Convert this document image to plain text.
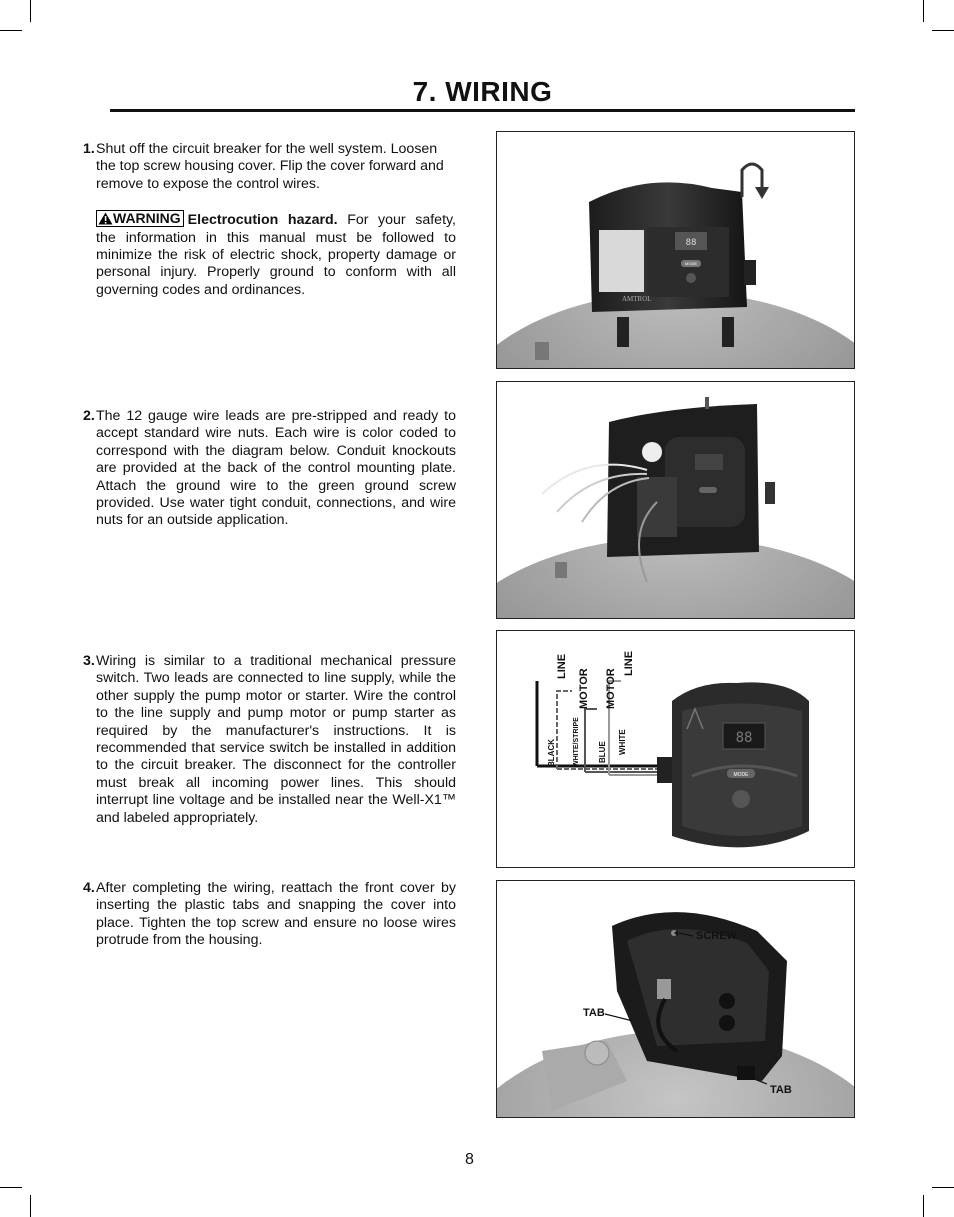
7. WIRING
1. Shut off the circuit breaker for the well system. Loosen the top screw housing cover. Flip the cover forward and remove to expose the control wires.
WARNING Electrocution hazard. For your safety, the information in this manual must be followed to minimize the risk of electric shock, property damage or personal injury. Properly ground to conform with all governing codes and ordinances.
2. The 12 gauge wire leads are pre-stripped and ready to accept standard wire nuts. Each wire is color coded to correspond with the diagram below. Conduit knockouts are provided at the back of the control mounting plate. Attach the ground wire to the green ground screw provided. Use water tight conduit, connections, and wire nuts for an outside application.
3. Wiring is similar to a traditional mechanical pressure switch. Two leads are connected to line supply, while the other supply the pump motor or starter. Wire the control to the line supply and pump motor or pump starter as required by the manufacturer's instructions. It is recommended that service switch be installed in addition to the circuit breaker. The disconnect for the controller must break all incoming power lines. This should interrupt line voltage and be installed near the Well-X1™ and labeled appropriately.
4. After completing the wiring, reattach the front cover by inserting the plastic tabs and snapping the cover into place. Tighten the top screw and ensure no loose wires protrude from the housing.
88
MODE
AMTROL
BLACK WHITE/STRIPE BLUE WHITE
LINE
MOTOR MOTOR
LINE
88
MODE
SCREW
TAB
TAB
8
